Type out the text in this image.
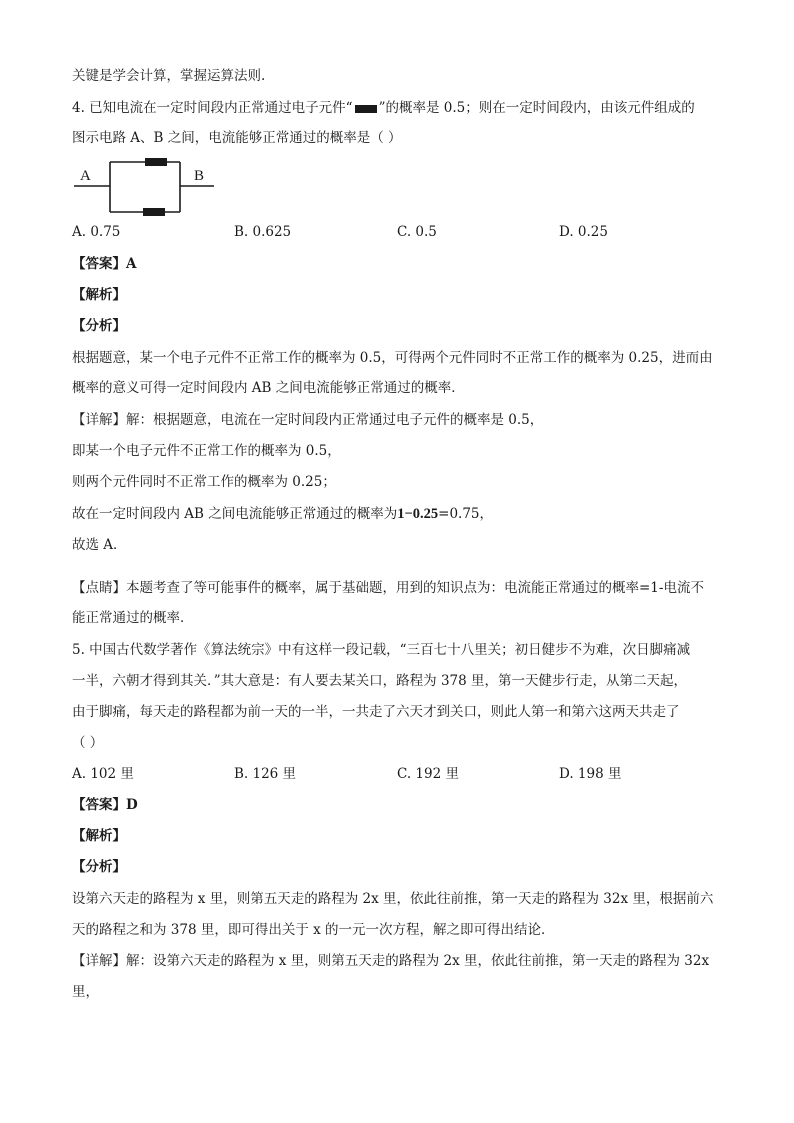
关键是学会计算，掌握运算法则.
4. 已知电流在一定时间段内正常通过电子元件“ ”的概率是 0.5；则在一定时间段内，由该元件组成的
图示电路 A、B 之间，电流能够正常通过的概率是（ ）
A	B
A. 0.75	B. 0.625	C. 0.5	D. 0.25
【答案】A
【解析】
【分析】
根据题意，某一个电子元件不正常工作的概率为 0.5，可得两个元件同时不正常工作的概率为 0.25，进而由
概率的意义可得一定时间段内 AB 之间电流能够正常通过的概率．
【详解】解：根据题意，电流在一定时间段内正常通过电子元件的概率是 0.5，
即某一个电子元件不正常工作的概率为 0.5，
则两个元件同时不正常工作的概率为 0.25；
故在一定时间段内 AB 之间电流能够正常通过的概率为1−0.25=0.75，
故选 A．
【点睛】本题考查了等可能事件的概率，属于基础题，用到的知识点为：电流能正常通过的概率=1-电流不
能正常通过的概率．
5. 中国古代数学著作《算法统宗》中有这样一段记载，“三百七十八里关；初日健步不为难，次日脚痛减
一半，六朝才得到其关．”其大意是：有人要去某关口，路程为 378 里，第一天健步行走，从第二天起，
由于脚痛，每天走的路程都为前一天的一半，一共走了六天才到关口，则此人第一和第六这两天共走了
（ ）
A. 102 里	B. 126 里	C. 192 里	D. 198 里
【答案】D
【解析】
【分析】
设第六天走的路程为 x 里，则第五天走的路程为 2x 里，依此往前推，第一天走的路程为 32x 里，根据前六
天的路程之和为 378 里，即可得出关于 x 的一元一次方程，解之即可得出结论．
【详解】解：设第六天走的路程为 x 里，则第五天走的路程为 2x 里，依此往前推，第一天走的路程为 32x
里，
